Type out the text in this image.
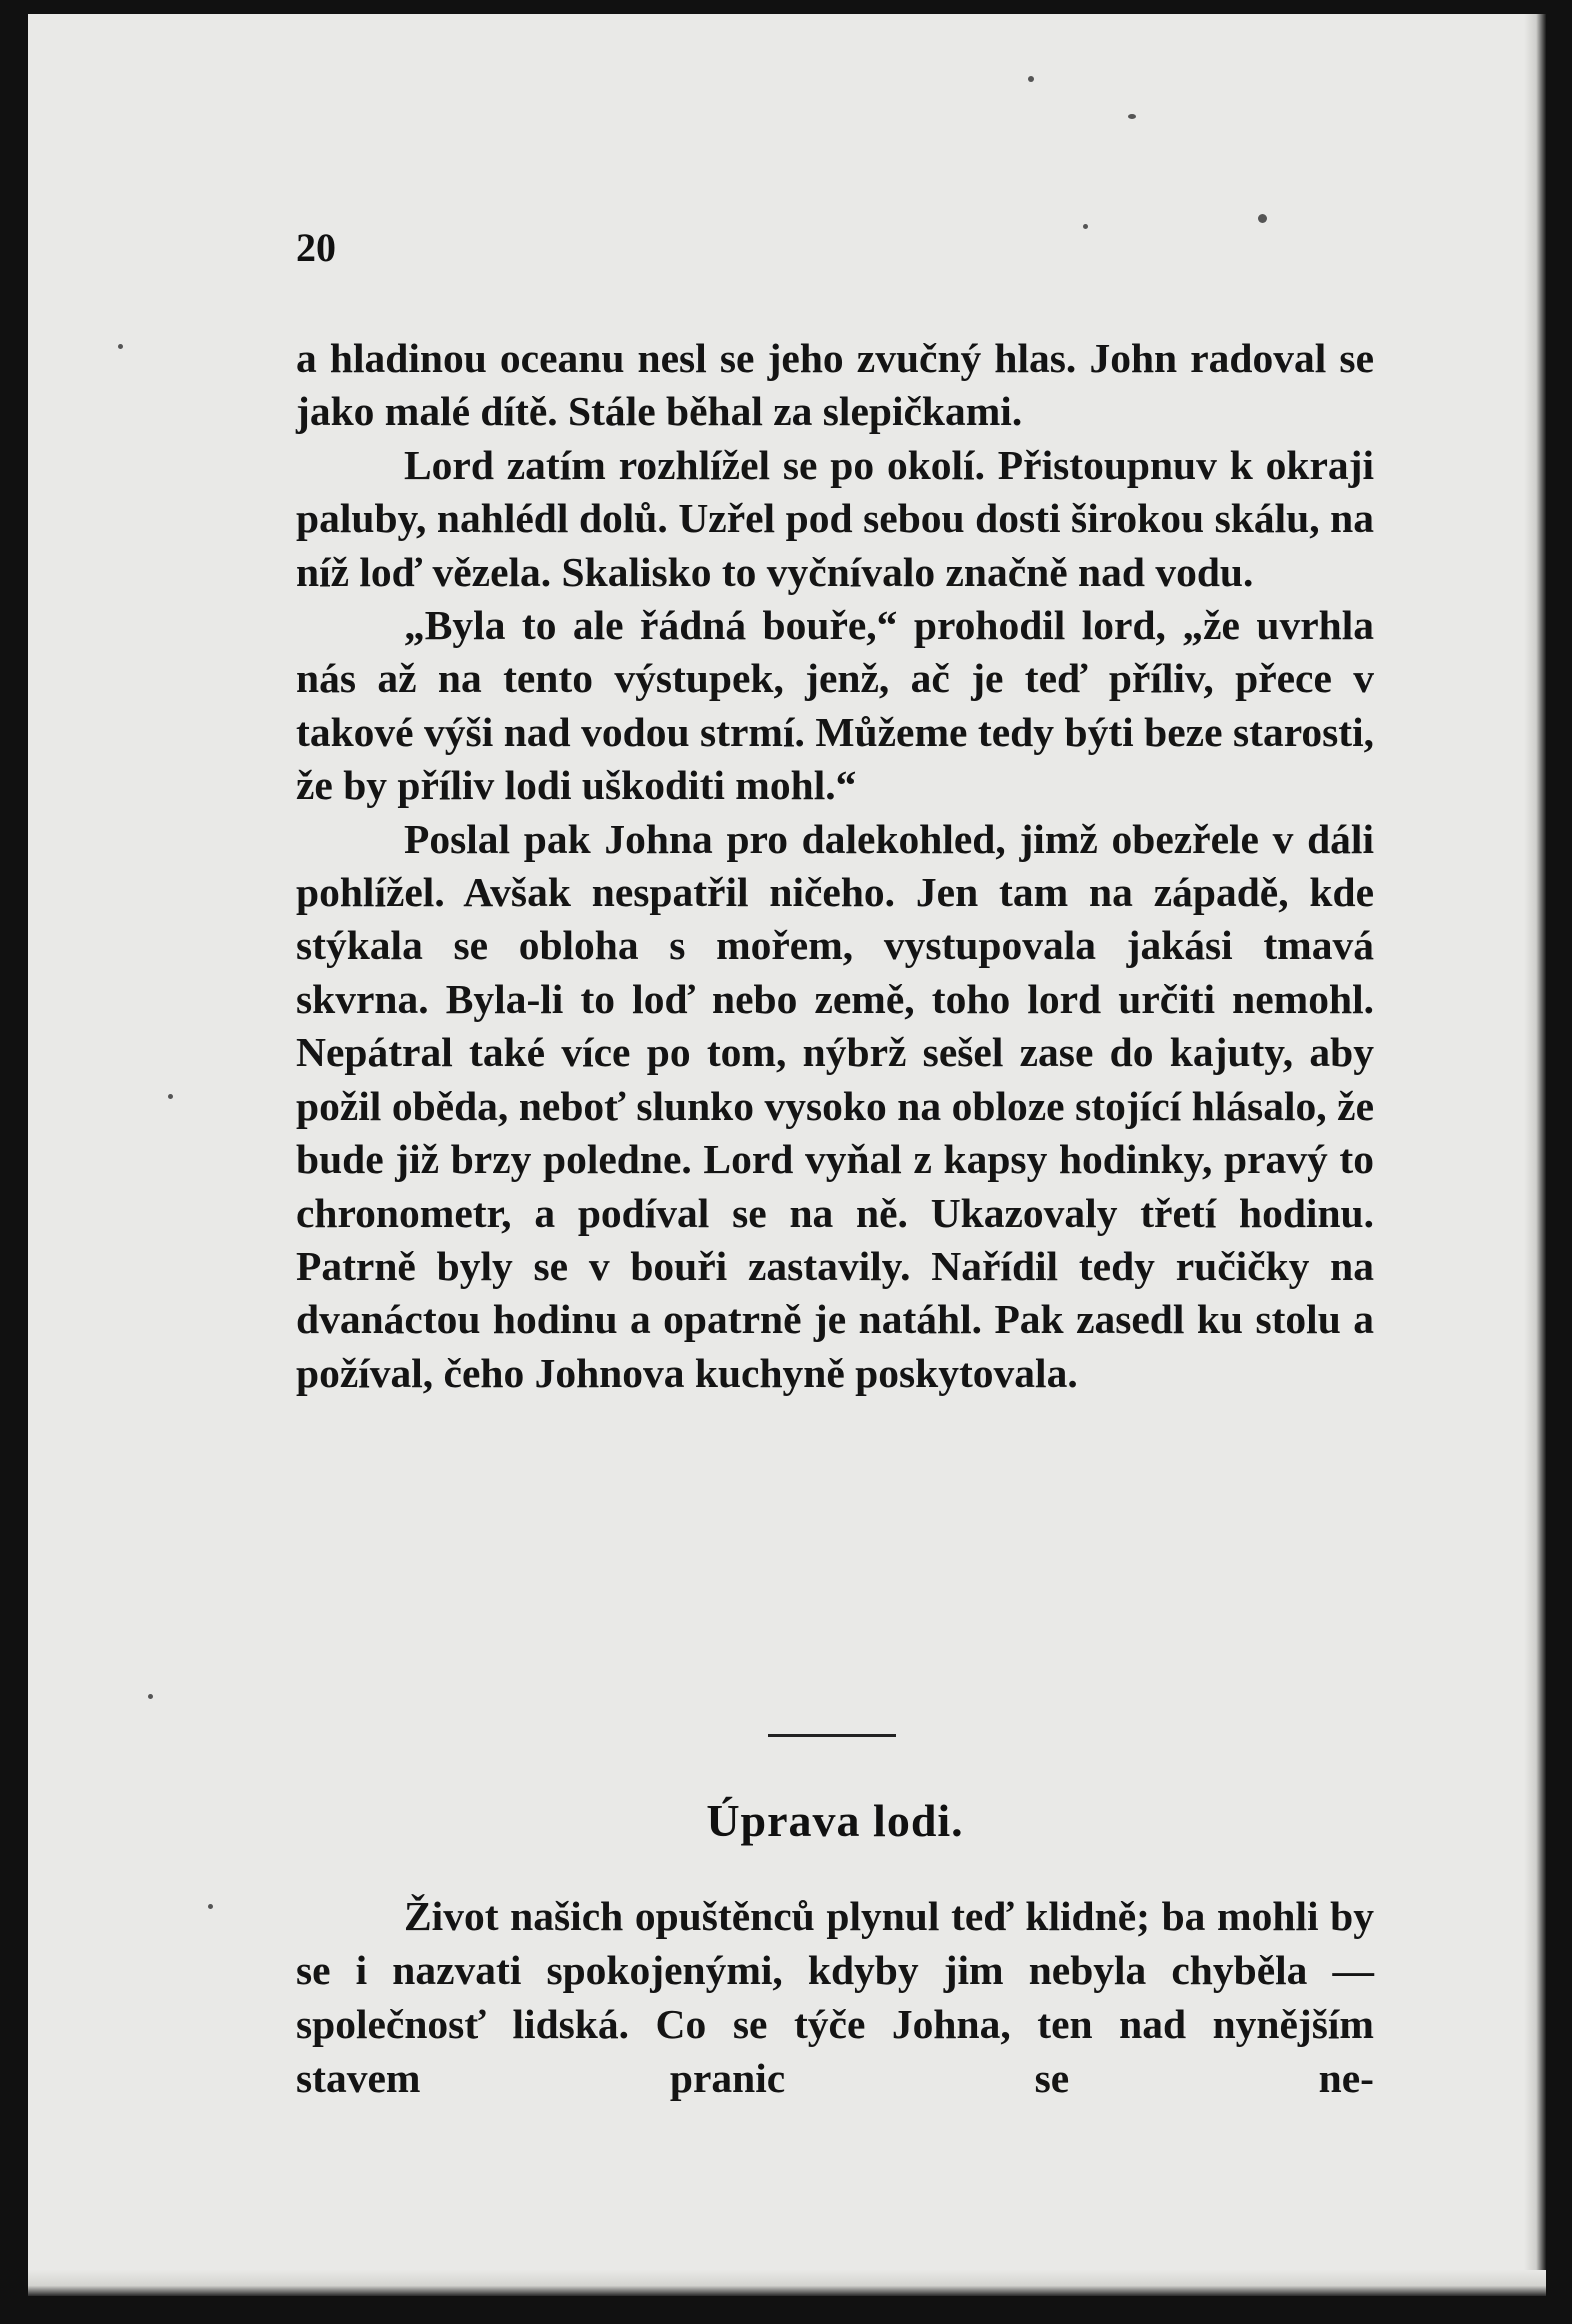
20

a hladinou oceanu nesl se jeho zvučný hlas. John radoval se jako malé dítě. Stále běhal za slepičkami.

Lord zatím rozhlížel se po okolí. Přistoupnuv k okraji paluby, nahlédl dolů. Uzřel pod sebou dosti širokou skálu, na níž loď vězela. Skalisko to vyčnívalo značně nad vodu.

„Byla to ale řádná bouře,“ prohodil lord, „že uvrhla nás až na tento výstupek, jenž, ač je teď příliv, přece v takové výši nad vodou strmí. Můžeme tedy býti beze starosti, že by příliv lodi uškoditi mohl.“

Poslal pak Johna pro dalekohled, jimž obezřele v dáli pohlížel. Avšak nespatřil ničeho. Jen tam na západě, kde stýkala se obloha s mořem, vystupovala jakási tmavá skvrna. Byla-li to loď nebo země, toho lord určiti nemohl. Nepátral také více po tom, nýbrž sešel zase do kajuty, aby požil oběda, neboť slunko vysoko na obloze stojící hlásalo, že bude již brzy poledne. Lord vyňal z kapsy hodinky, pravý to chronometr, a podíval se na ně. Ukazovaly třetí hodinu. Patrně byly se v bouři zastavily. Nařídil tedy ručičky na dvanáctou hodinu a opatrně je natáhl. Pak zasedl ku stolu a požíval, čeho Johnova kuchyně poskytovala.

Úprava lodi.

Život našich opuštěnců plynul teď klidně; ba mohli by se i nazvati spokojenými, kdyby jim nebyla chyběla — společnosť lidská. Co se týče Johna, ten nad nynějším stavem pranic se ne-
